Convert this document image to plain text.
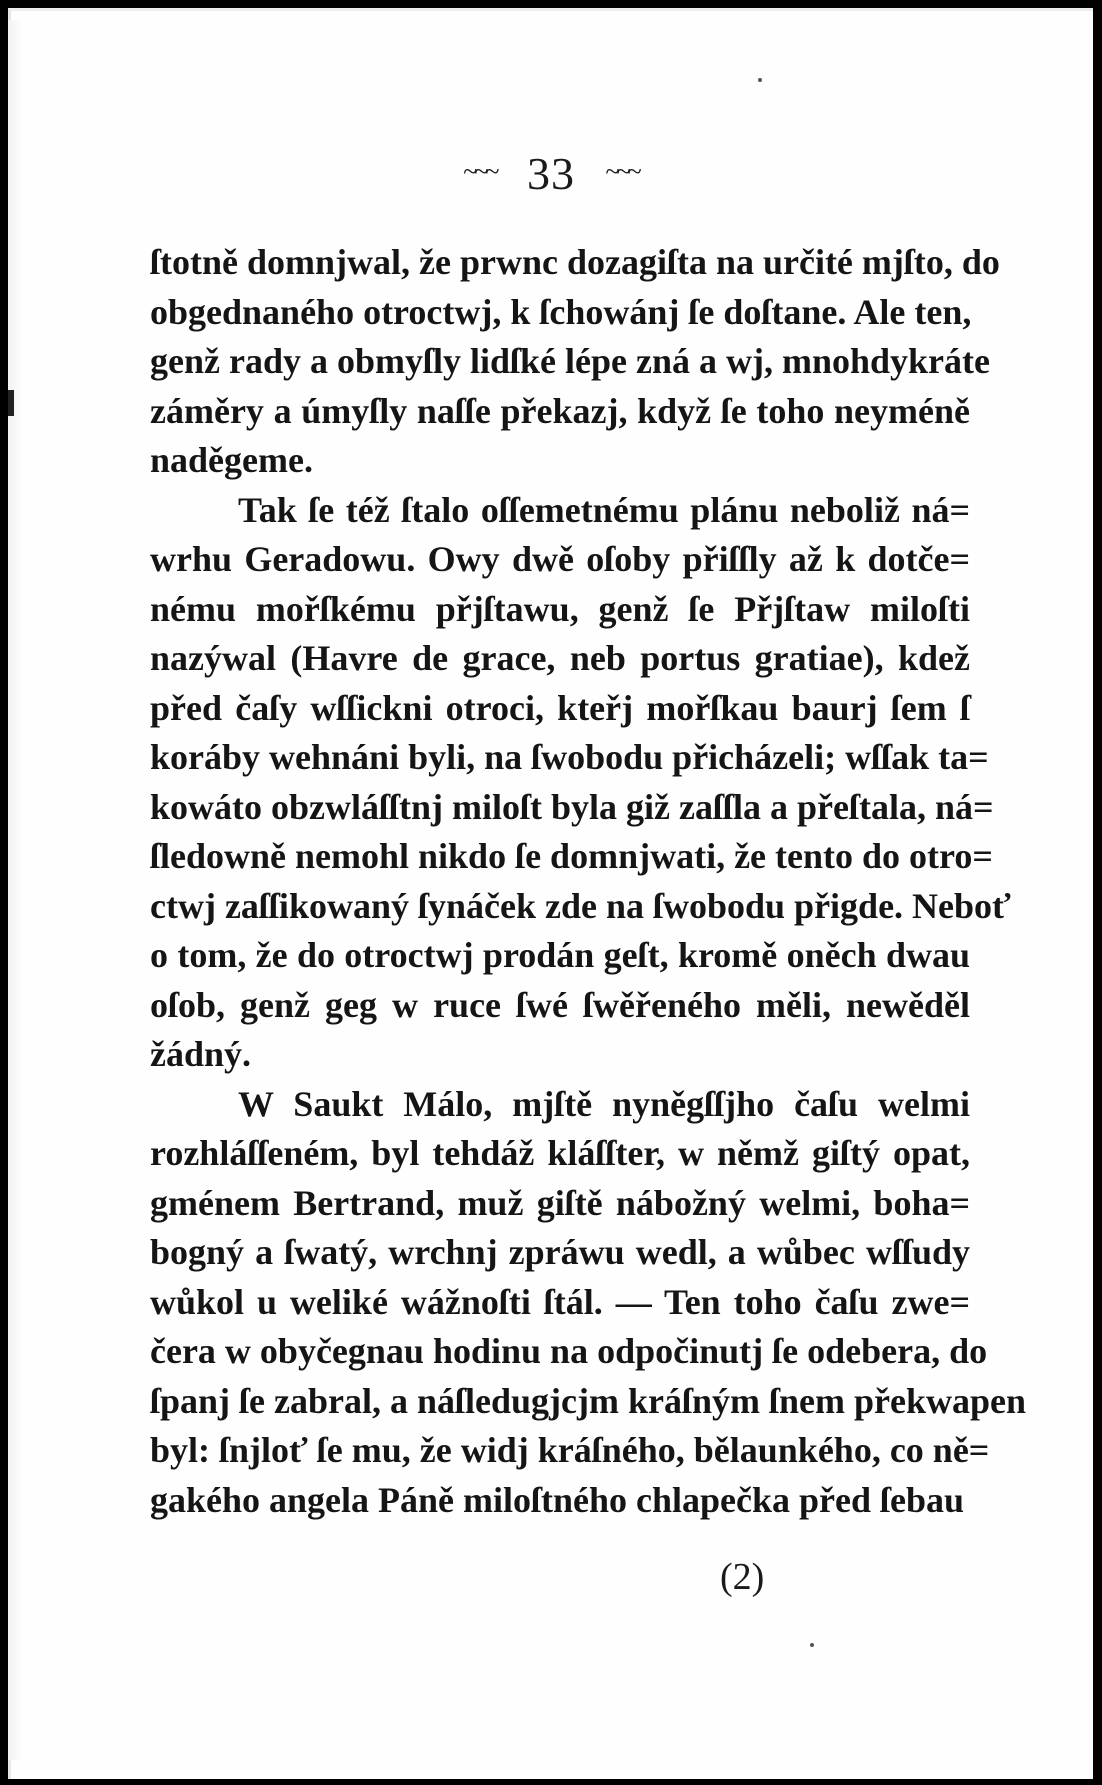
~~~ 33 ~~~
ſtotně domnjwal, že prwnc dozagiſta na určité mjſto, do
obgednaného otroctwj, k ſchowánj ſe doſtane. Ale ten,
genž rady a obmyſly lidſké lépe zná a wj, mnohdykráte
záměry a úmyſly naſſe překazj, když ſe toho neyméně
naděgeme.
Tak ſe též ſtalo oſſemetnému plánu neboliž ná=
wrhu Geradowu. Owy dwě oſoby přiſſly až k dotče=
nému mořſkému přjſtawu, genž ſe Přjſtaw miloſti
nazýwal (Havre de grace, neb portus gratiae), kdež
před čaſy wſſickni otroci, kteřj mořſkau baurj ſem ſ
koráby wehnáni byli, na ſwobodu přicházeli; wſſak ta=
kowáto obzwláſſtnj miloſt byla giž zaſſla a přeſtala, ná=
ſledowně nemohl nikdo ſe domnjwati, že tento do otro=
ctwj zaſſikowaný ſynáček zde na ſwobodu přigde. Neboť
o tom, že do otroctwj prodán geſt, kromě oněch dwau
oſob, genž geg w ruce ſwé ſwěřeného měli, newěděl
žádný.
W Saukt Málo, mjſtě nyněgſſjho čaſu welmi
rozhláſſeném, byl tehdáž kláſſter, w němž giſtý opat,
gménem Bertrand, muž giſtě nábožný welmi, boha=
bogný a ſwatý, wrchnj zpráwu wedl, a wůbec wſſudy
wůkol u weliké wážnoſti ſtál. — Ten toho čaſu zwe=
čera w obyčegnau hodinu na odpočinutj ſe odebera, do
ſpanj ſe zabral, a náſledugjcjm kráſným ſnem překwapen
byl: ſnjloť ſe mu, že widj kráſného, bělaunkého, co ně=
gakého angela Páně miloſtného chlapečka před ſebau
(2)
